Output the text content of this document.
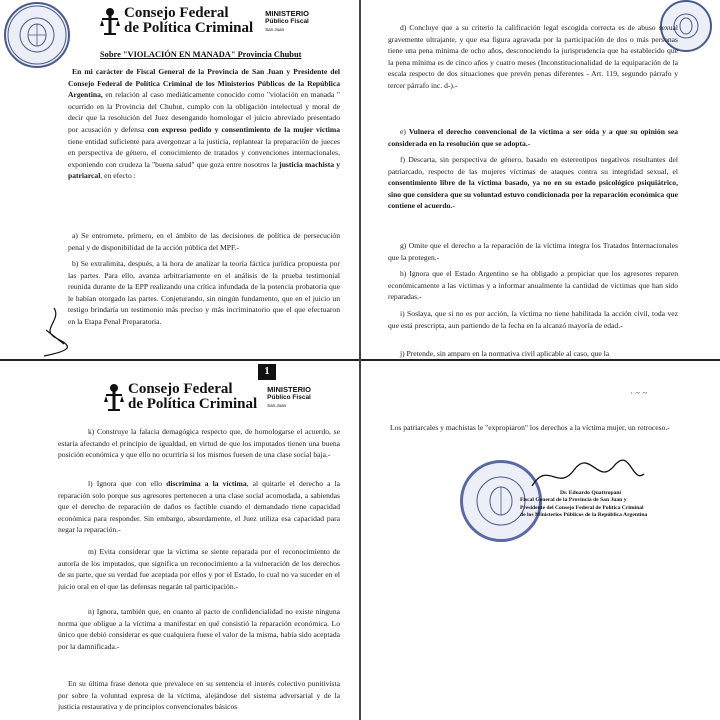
Consejo Federal
de Política Criminal
MINISTERIO
Público Fiscal
San Juan
Sobre "VIOLACIÓN EN MANADA" Provincia Chubut
En mi carácter de Fiscal General de la Provincia de San Juan y Presidente del Consejo Federal de Política Criminal de los Ministerios Públicos de la República Argentina, en relación al caso mediáticamente conocido como "violación en manada " ocurrido en la Provincia del Chubut, cumplo con la obligación intelectual y moral de decir que la resolución del Juez desengando homologar el juicio abreviado presentado por acusación y defensa con expreso pedido y consentimiento de la mujer víctima tiene entidad suficiente para avergonzar a la justicia, replantear la preparación de jueces en perspectiva de género, el conocimiento de tratados y convenciones internacionales, exponiendo con crudeza la "buena salud" que goza entre nosotros la justicia machista y patriarcal, en efecto :
a) Se entromete, primero, en el ámbito de las decisiones de política de persecución penal y de disponibilidad de la acción pública del MPF.-
b) Se extralimita, después, a la hora de analizar la teoría fáctica jurídica propuesta por las partes. Para ello, avanza arbitrariamente en el análisis de la prueba testimonial reunida durante de la EPP realizando una crítica infundada de la potencia probatoria que le habían otorgado las partes. Conjeturando, sin ningún fundamento, que en el juicio un testigo brindaría un testimonio más preciso y más incriminatorio que el que efectuaron en la Etapa Penal Preparatoria.
d) Concluye que a su criterio la calificación legal escogida correcta es de abuso sexual gravemente ultrajante, y que esa figura agravada por la participación de dos o más personas tiene una pena mínima de ocho años, desconociendo la jurisprudencia que ha establecido que la pena mínima es de cinco años y cuatro meses (Inconstitucionalidad de la equiparación de la escala respecto de dos situaciones que prevén penas diferentes - Art. 119, segundo párrafo y tercer párrafo inc. d-).-
e) Vulnera el derecho convencional de la víctima a ser oída y a que su opinión sea considerada en la resolución que se adopta.-
f) Descarta, sin perspectiva de género, basado en estereotipos negativos resultantes del patriarcado, respecto de las mujeres víctimas de ataques contra su integridad sexual, el consentimiento libre de la víctima basado, ya no en su estado psicológico psiquiátrico, sino que considera que su voluntad estuvo condicionada por la reparación económica que contiene el acuerdo.-
g) Omite que el derecho a la reparación de la víctima integra los Tratados Internacionales que la protegen.-
h) Ignora que el Estado Argentino se ha obligado a propiciar que los agresores reparen económicamente a las víctimas y a informar anualmente la cantidad de víctimas que han sido reparadas.-
i) Soslaya, que si no es por acción, la víctima no tiene habilitada la acción civil, toda vez que está prescripta, aun partiendo de la fecha en la alcanzó mayoría de edad.-
j) Pretende, sin amparo en la normativa civil aplicable al caso, que la
Consejo Federal
de Política Criminal
MINISTERIO
Público Fiscal
San Juan
1
k) Construye la falacia demagógica respecto que, de homologarse el acuerdo, se estaría afectando el principio de igualdad, en virtud de que los imputados tienen una buena posición económica y que ello no ocurriría si los mismos fuesen de una clase social baja.-
l) Ignora que con ello discrimina a la víctima, al quitarle el derecho a la reparación solo porque sus agresores pertenecen a una clase social acomodada, a sabiendas que el derecho de reparación de daños es factible cuando el demandado tiene capacidad económica para responder. Sin embargo, absurdamente, el Juez utiliza esa capacidad para negar la reparación.-
m) Evita considerar que la víctima se siente reparada por el reconocimiento de autoría de los imputados, que significa un reconocimiento a la vulneración de los derechos de su parte, que su verdad fue aceptada por ellos y por el Estado, lo cual no va suceder en el juicio oral en el que las defensas negarán tal participación.-
n) Ignora, también que, en cuanto al pacto de confidencialidad no existe ninguna norma que obligue a la víctima a manifestar en qué consistió la reparación económica. Lo único que debió considerar es que cualquiera fuese el valor de la misma, había sido aceptada por la damnificada.-
En su última frase denota que prevalece en su sentencia el interés colectivo punitivista por sobre la voluntad expresa de la víctima, alejándose del sistema adversarial y de la justicia restaurativa y de principios convencionales básicos
· ~ ~
Los patriarcales y machistas le "expropiaron" los derechos a la víctima mujer, un retroceso.-
Dr. Eduardo Quattropani
Fiscal General de la Provincia de San Juan y
Presidente del Consejo Federal de Política Criminal
de los Ministerios Públicos de la República Argentina
